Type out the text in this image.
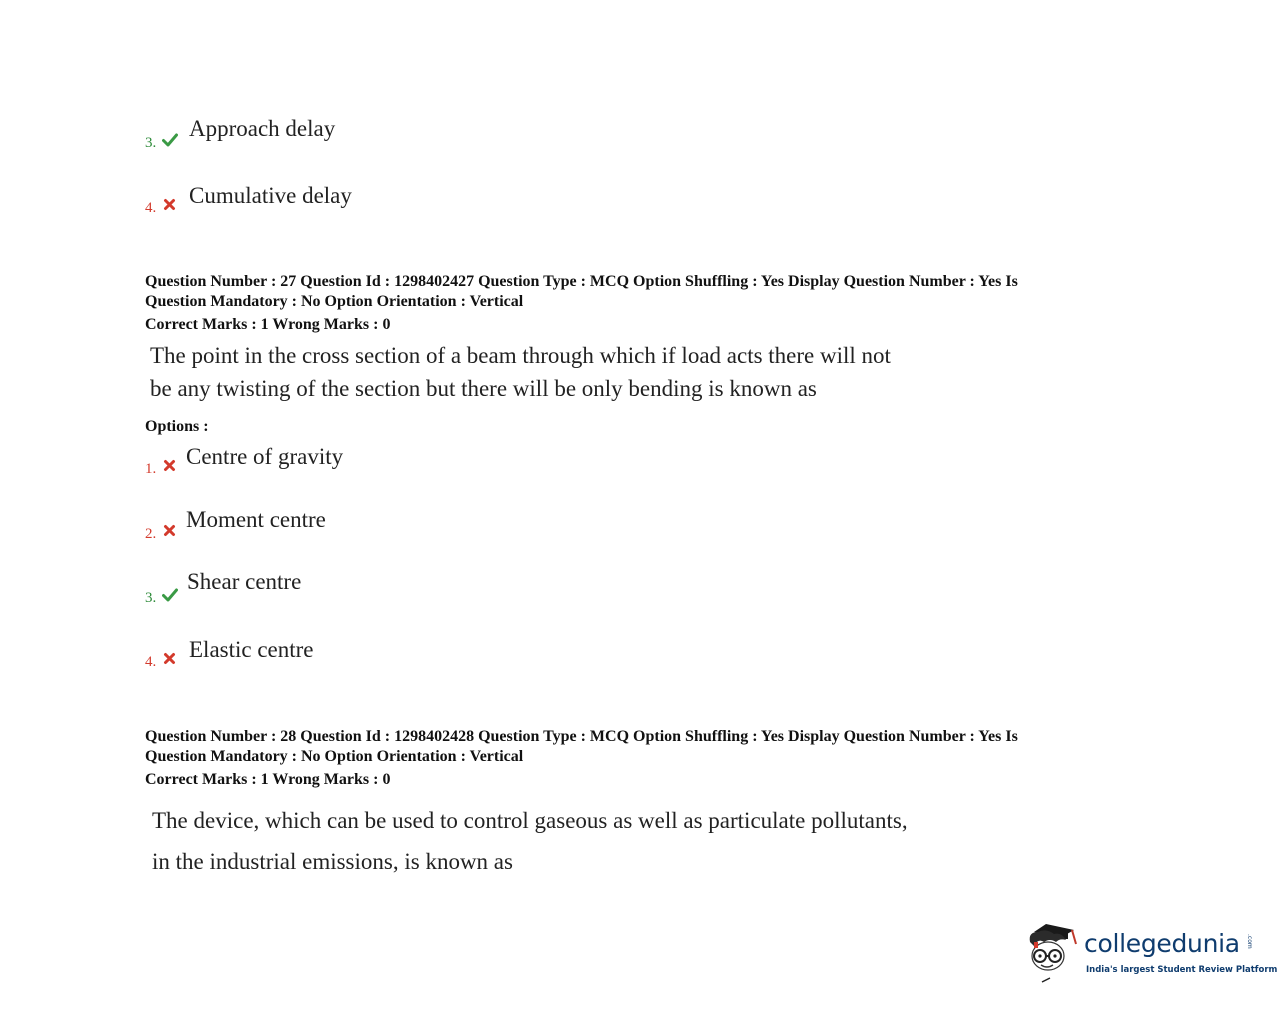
3.
Approach delay
4. Cumulative delay
Question Number : 27 Question Id : 1298402427 Question Type : MCQ Option Shuffling : Yes Display Question Number : Yes Is
Question Mandatory : No Option Orientation : Vertical
Correct Marks : 1 Wrong Marks : 0
The point in the cross section of a beam through which if load acts there will not
be any twisting of the section but there will be only bending is known as
Options :
1. Centre of gravity
2.
Moment centre
3.
Shear centre
4. Elastic centre
Question Number : 28 Question Id : 1298402428 Question Type : MCQ Option Shuffling : Yes Display Question Number : Yes Is
Question Mandatory : No Option Orientation : Vertical
Correct Marks : 1 Wrong Marks : 0
The device, which can be used to control gaseous as well as particulate pollutants,
in the industrial emissions, is known as
collegedunia .com
India's largest Student Review Platform
